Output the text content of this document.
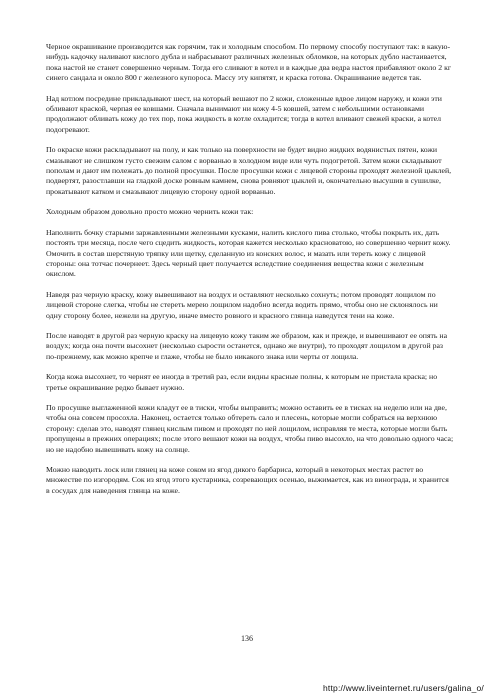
Черное окрашивание производится как горячим, так и холодным способом. По первому способу поступают так: в какую-нибудь кадочку наливают кислого дубла и набрасывают различных железных обломков, на которых дубло настаивается, пока настой не станет совершенно черным. Тогда его сливают в котел и в каждые два ведра настоя прибавляют около 2 кг синего сандала и около 800 г железного купороса. Массу эту кипятят, и краска готова. Окрашивание ведется так.

Над котлом посредине прикладывают шест, на который вешают по 2 кожи, сложенные вдвое лицом наружу, и кожи эти обливают краской, черпая ее ковшами. Сначала вынимают ни кожу 4-5 ковшей, затем с небольшими остановками продолжают обливать кожу до тех пор, пока жидкость в котле охладится; тогда в котел вливают свежей краски, а котел подогревают.

По окраске кожи раскладывают на полу, и как только на поверхности не будет видно жидких водянистых пятен, кожи смазывают не слишком густо свежим салом с ворванью в холодном виде или чуть подогретой. Затем кожи складывают пополам и дают им полежать до полной просушки. После просушки кожи с лицевой стороны проходят железной цыклей, подвертят, разостлавши на гладкой доске ровным камнем, снова ровняют цыклей и, окончательно высушив в сушилке, прокатывают катком и смазывают лицевую сторону одной ворванью.

Холодным образом довольно просто можно чернить кожи так:

Наполнить бочку старыми заржавленными железными кусками, налить кислого пива столько, чтобы покрыть их, дать постоять три месяца, после чего сцедить жидкость, которая кажется несколько красноватою, но совершенно чернит кожу. Омочить в состав шерстяную тряпку или щетку, сделанную из конских волос, и мазать или тереть кожу с лицевой стороны: она тотчас почернеет. Здесь черный цвет получается вследствие соединения вещества кожи с железным окислом.

Наведя раз черную краску, кожу вывешивают на воздух и оставляют несколько сохнуть; потом проводят лощилом по лицевой стороне слегка, чтобы не стереть мерею лощилом надобно всегда водить прямо, чтобы оно не склонялось ни одну сторону более, нежели на другую, иначе вместо ровного и красного глянца наведутся тени на коже.

После наводят в другой раз черную краску на лицевую кожу таким же образом, как и прежде, и вывешивают ее опять на воздух; когда она почти высохнет (несколько сырости останется, однако же внутри), то проходят лощилом в другой раз по-прежнему, как можно крепче и глаже, чтобы не было никакого знака или черты от лощила.

Когда кожа высохнет, то чернят ее иногда в третий раз, если видны красные полны, к которым не пристала краска; но третье окрашивание редко бывает нужно.

По просушке выглаженной кожи кладут ее в тиски, чтобы выправить; можно оставить ее в тисках на неделю или на две, чтобы она совсем просохла. Наконец, остается только обтереть сало и плесень, которые могли собраться на верхнюю сторону: сделав это, наводят глянец кислым пивом и проходят по ней лощилом, исправляя те места, которые могли быть пропущены в прежних операциях; после этого вешают кожи на воздух, чтобы пиво высохло, на что довольно одного часа; но не надобно вывешивать кожу на солнце.

Можно наводить лоск или глянец на коже соком из ягод дикого барбариса, который в некоторых местах растет во множестве по изгородям. Сок из ягод этого кустарника, созревающих осенью, выжимается, как из винограда, и хранится в сосудах для наведения глянца на коже.

136
http://www.liveinternet.ru/users/galina_o/
